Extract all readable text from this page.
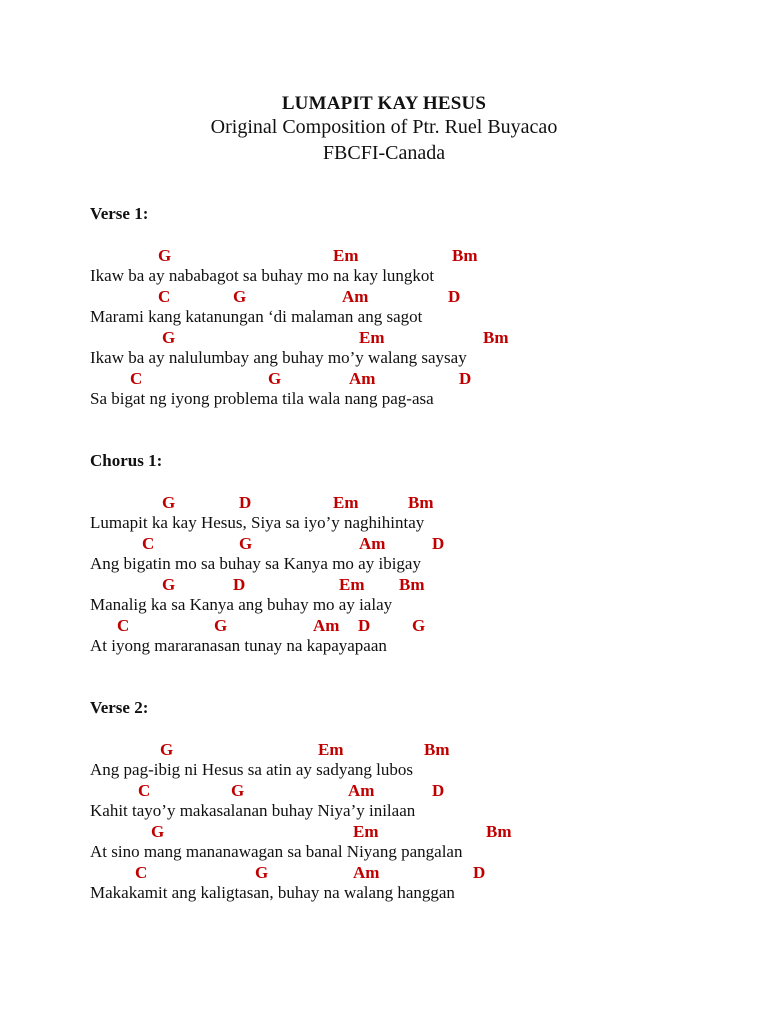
LUMAPIT KAY HESUS
Original Composition of Ptr. Ruel Buyacao
FBCFI-Canada
Verse 1:
G	Em	Bm
Ikaw ba ay nababagot sa buhay mo na kay lungkot
C	G	Am	D
Marami kang katanungan ‘di malaman ang sagot
G	Em	Bm
Ikaw ba ay nalulumbay ang buhay mo’y walang saysay
C	G	Am	D
Sa bigat ng iyong problema tila wala nang pag-asa
Chorus 1:
G	D	Em	Bm
Lumapit ka kay Hesus, Siya sa iyo’y naghihintay
C	G	Am	D
Ang bigatin mo sa buhay sa Kanya mo ay ibigay
G	D	Em Bm
Manalig ka sa Kanya ang buhay mo ay ialay
C	G	Am D G
At iyong mararanasan tunay na kapayapaan
Verse 2:
G	Em	Bm
Ang pag-ibig ni Hesus sa atin ay sadyang lubos
C	G	Am	D
Kahit tayo’y makasalanan buhay Niya’y inilaan
G	Em	Bm
At sino mang mananawagan sa banal Niyang pangalan
C	G	Am	D
Makakamit ang kaligtasan, buhay na walang hanggan
